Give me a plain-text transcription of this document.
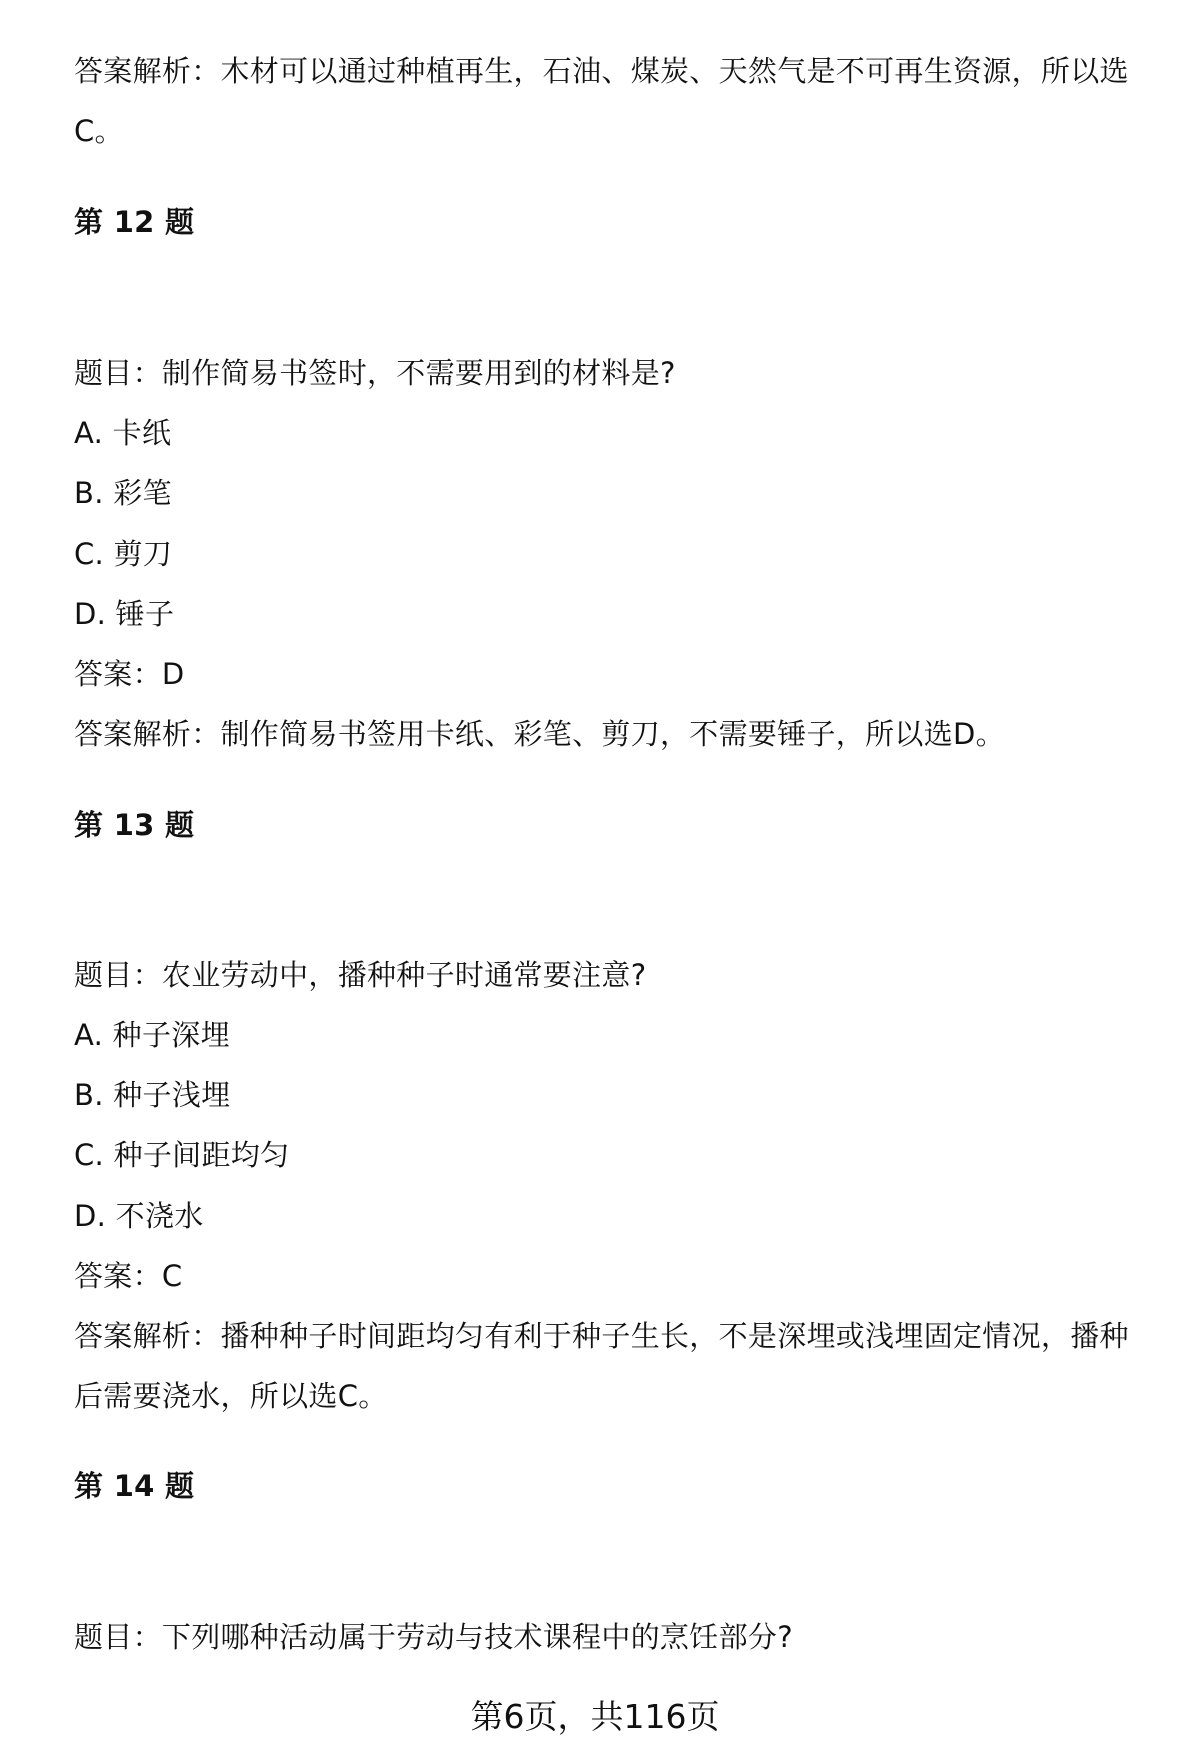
答案解析：木材可以通过种植再生，石油、煤炭、天然气是不可再生资源，所以选
C。
第 12 题
题目：制作简易书签时，不需要用到的材料是?
A. 卡纸
B. 彩笔
C. 剪刀
D. 锤子
答案：D
答案解析：制作简易书签用卡纸、彩笔、剪刀，不需要锤子，所以选D。
第 13 题
题目：农业劳动中，播种种子时通常要注意?
A. 种子深埋
B. 种子浅埋
C. 种子间距均匀
D. 不浇水
答案：C
答案解析：播种种子时间距均匀有利于种子生长，不是深埋或浅埋固定情况，播种
后需要浇水，所以选C。
第 14 题
题目：下列哪种活动属于劳动与技术课程中的烹饪部分?
第6页，共116页
